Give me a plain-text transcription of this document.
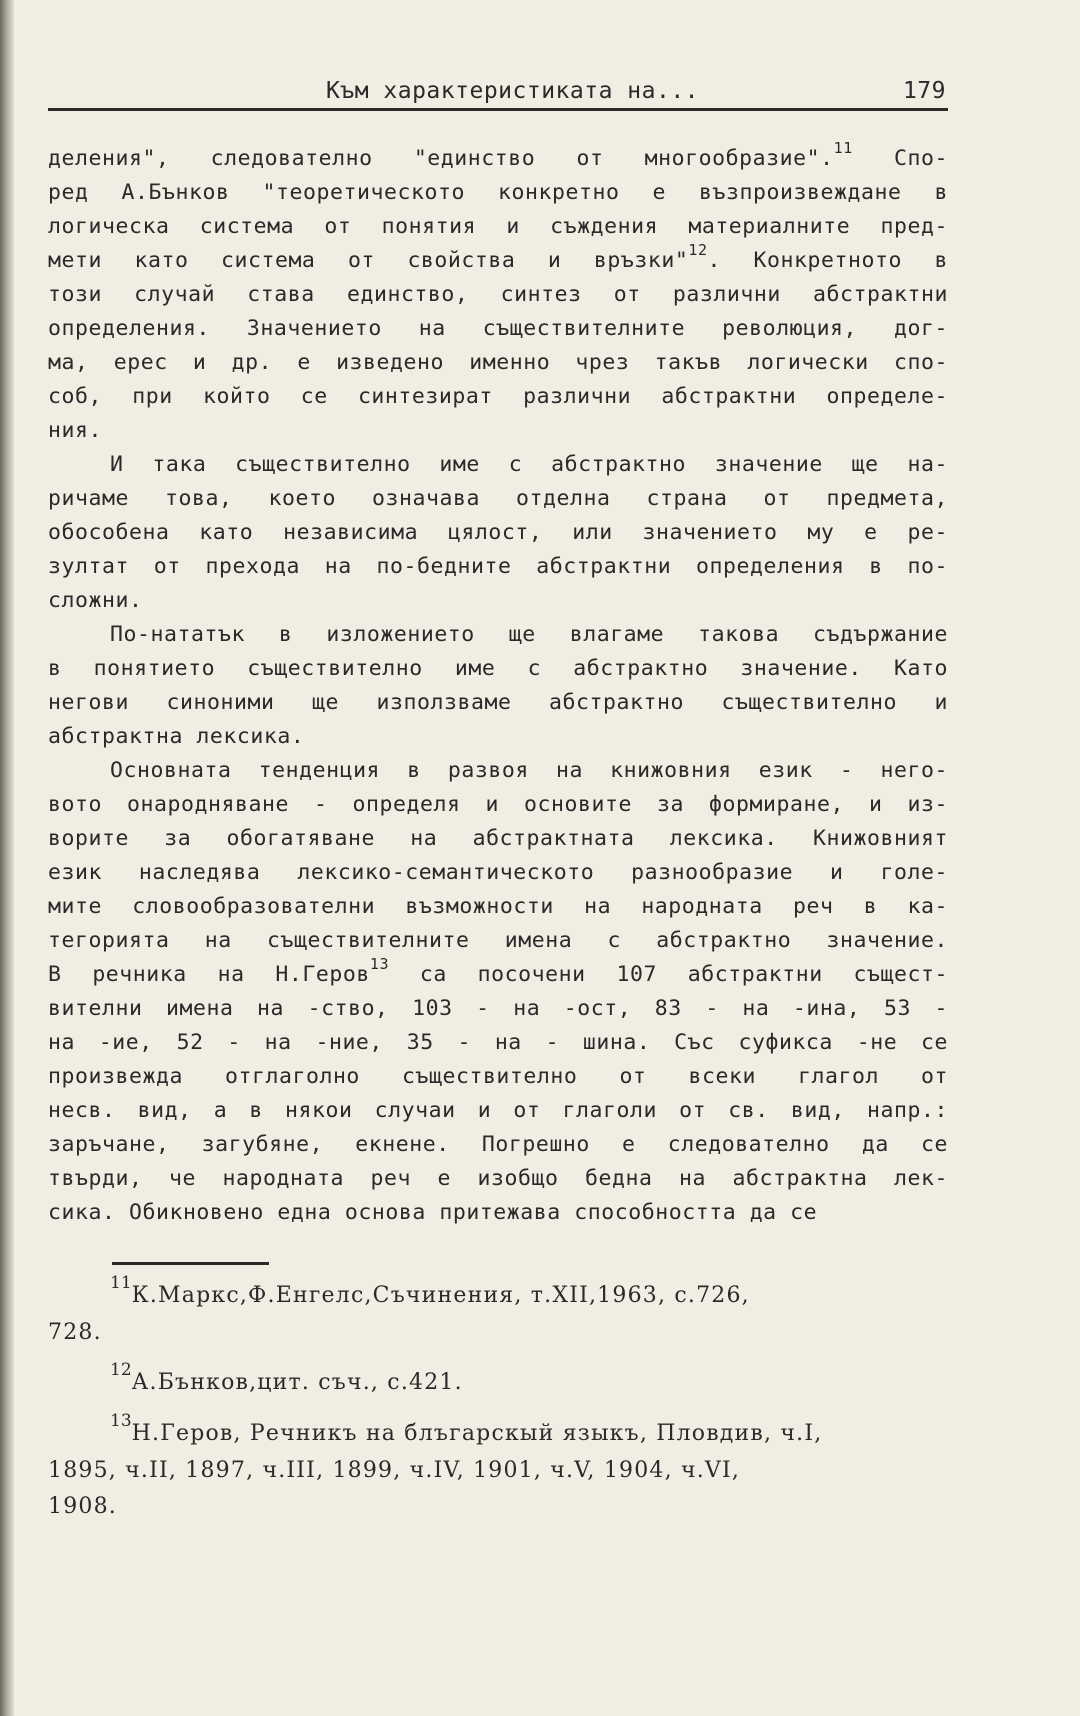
Към характеристиката на...	179
деления", следователно "единство от многообразие".$^{11}$ Спо-
ред А.Бънков "теоретическото конкретно е възпроизвеждане в
логическа система от понятия и съждения материалните пред-
мети като система от свойства и връзки"$^{12}$. Конкретното в
този случай става единство, синтез от различни абстрактни
определения. Значението на съществителните революция, дог-
ма, ерес и др. е изведено именно чрез такъв логически спо-
соб, при който се синтезират различни абстрактни определе-
ния.
И така съществително име с абстрактно значение ще на-
ричаме това, което означава отделна страна от предмета,
обособена като независима цялост, или значението му е ре-
зултат от прехода на по-бедните абстрактни определения в по-
сложни.
По-нататък в изложението ще влагаме такова съдържание
в понятието съществително име с абстрактно значение. Като
негови синоними ще използваме абстрактно съществително и
абстрактна лексика.
Основната тенденция в развоя на книжовния език - него-
вото онародняване - определя и основите за формиране, и из-
ворите за обогатяване на абстрактната лексика. Книжовният
език наследява лексико-семантическото разнообразие и голе-
мите словообразователни възможности на народната реч в ка-
тегорията на съществителните имена с абстрактно значение.
В речника на Н.Геров$^{13}$ са посочени 107 абстрактни същест-
вителни имена на -ство, 103 - на -ост, 83 - на -ина, 53 -
на -ие, 52 - на -ние, 35 - на - шина. Със суфикса -не се
произвежда отглаголно съществително от всеки глагол от
несв. вид, а в някои случаи и от глаголи от св. вид, напр.:
заръчане, загубяне, екнене. Погрешно е следователно да се
твърди, че народната реч е изобщо бедна на абстрактна лек-
сика. Обикновено една основа притежава способността да се
$^{11}$К.Маркс,Ф.Енгелс,Съчинения, т.XII,1963, с.726,
728.
$^{12}$А.Бънков,цит. съч., с.421.
$^{13}$Н.Геров, Речникъ на блъгарскый языкъ, Пловдив, ч.I,
1895, ч.II, 1897, ч.III, 1899, ч.IV, 1901, ч.V, 1904, ч.VI,
1908.
